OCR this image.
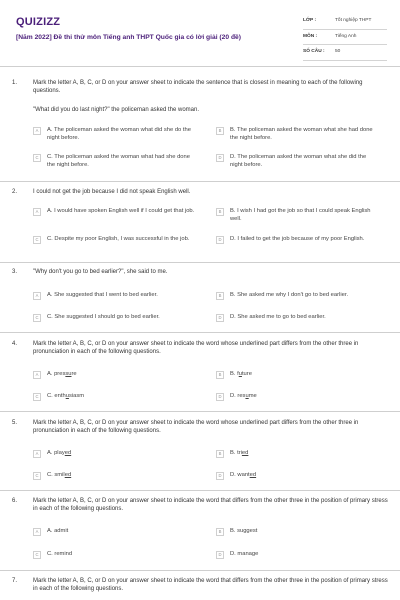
QUIZIZZ
[Năm 2022] Đề thi thử môn Tiếng anh THPT Quốc gia có lời giải (20 đề)
LỚP :	Tốt nghiệp THPT
MÔN :	Tiếng Anh
SỐ CÂU :	50
1.	Mark the letter A, B, C, or D on your answer sheet to indicate the sentence that is closest in meaning to each of the following questions.
"What did you do last night?" the policeman asked the woman.
A	A. The policeman asked the woman what did she do the night before.
B	B. The policeman asked the woman what she had done the night before.
C	C. The policeman asked the woman what had she done the night before.
D	D. The policeman asked the woman what she did the night before.
2.	I could not get the job because I did not speak English well.
A	A. I would have spoken English well if I could get that job.	B	B. I wish I had got the job so that I could speak English well.
C	C. Despite my poor English, I was successful in the job.	D	D. I failed to get the job because of my poor English.
3.	"Why don't you go to bed earlier?", she said to me.
A	A. She suggested that I went to bed earlier.	B	B. She asked me why I don't go to bed earlier.
C	C. She suggested I should go to bed earlier.	D	D. She asked me to go to bed earlier.
4.	Mark the letter A, B, C, or D on your answer sheet to indicate the word whose underlined part differs from the other three in pronunciation in each of the following questions.
A	A. pressure	B	B. future
C	C. enthusiasm	D	D. resume
5.	Mark the letter A, B, C, or D on your answer sheet to indicate the word whose underlined part differs from the other three in pronunciation in each of the following questions.
A	A. played	B	B. tried
C	C. smiled	D	D. wanted
6.	Mark the letter A, B, C, or D on your answer sheet to indicate the word that differs from the other three in the position of primary stress in each of the following questions.
A	A. admit	B	B. suggest
C	C. remind	D	D. manage
7.	Mark the letter A, B, C, or D on your answer sheet to indicate the word that differs from the other three in the position of primary stress in each of the following questions.
